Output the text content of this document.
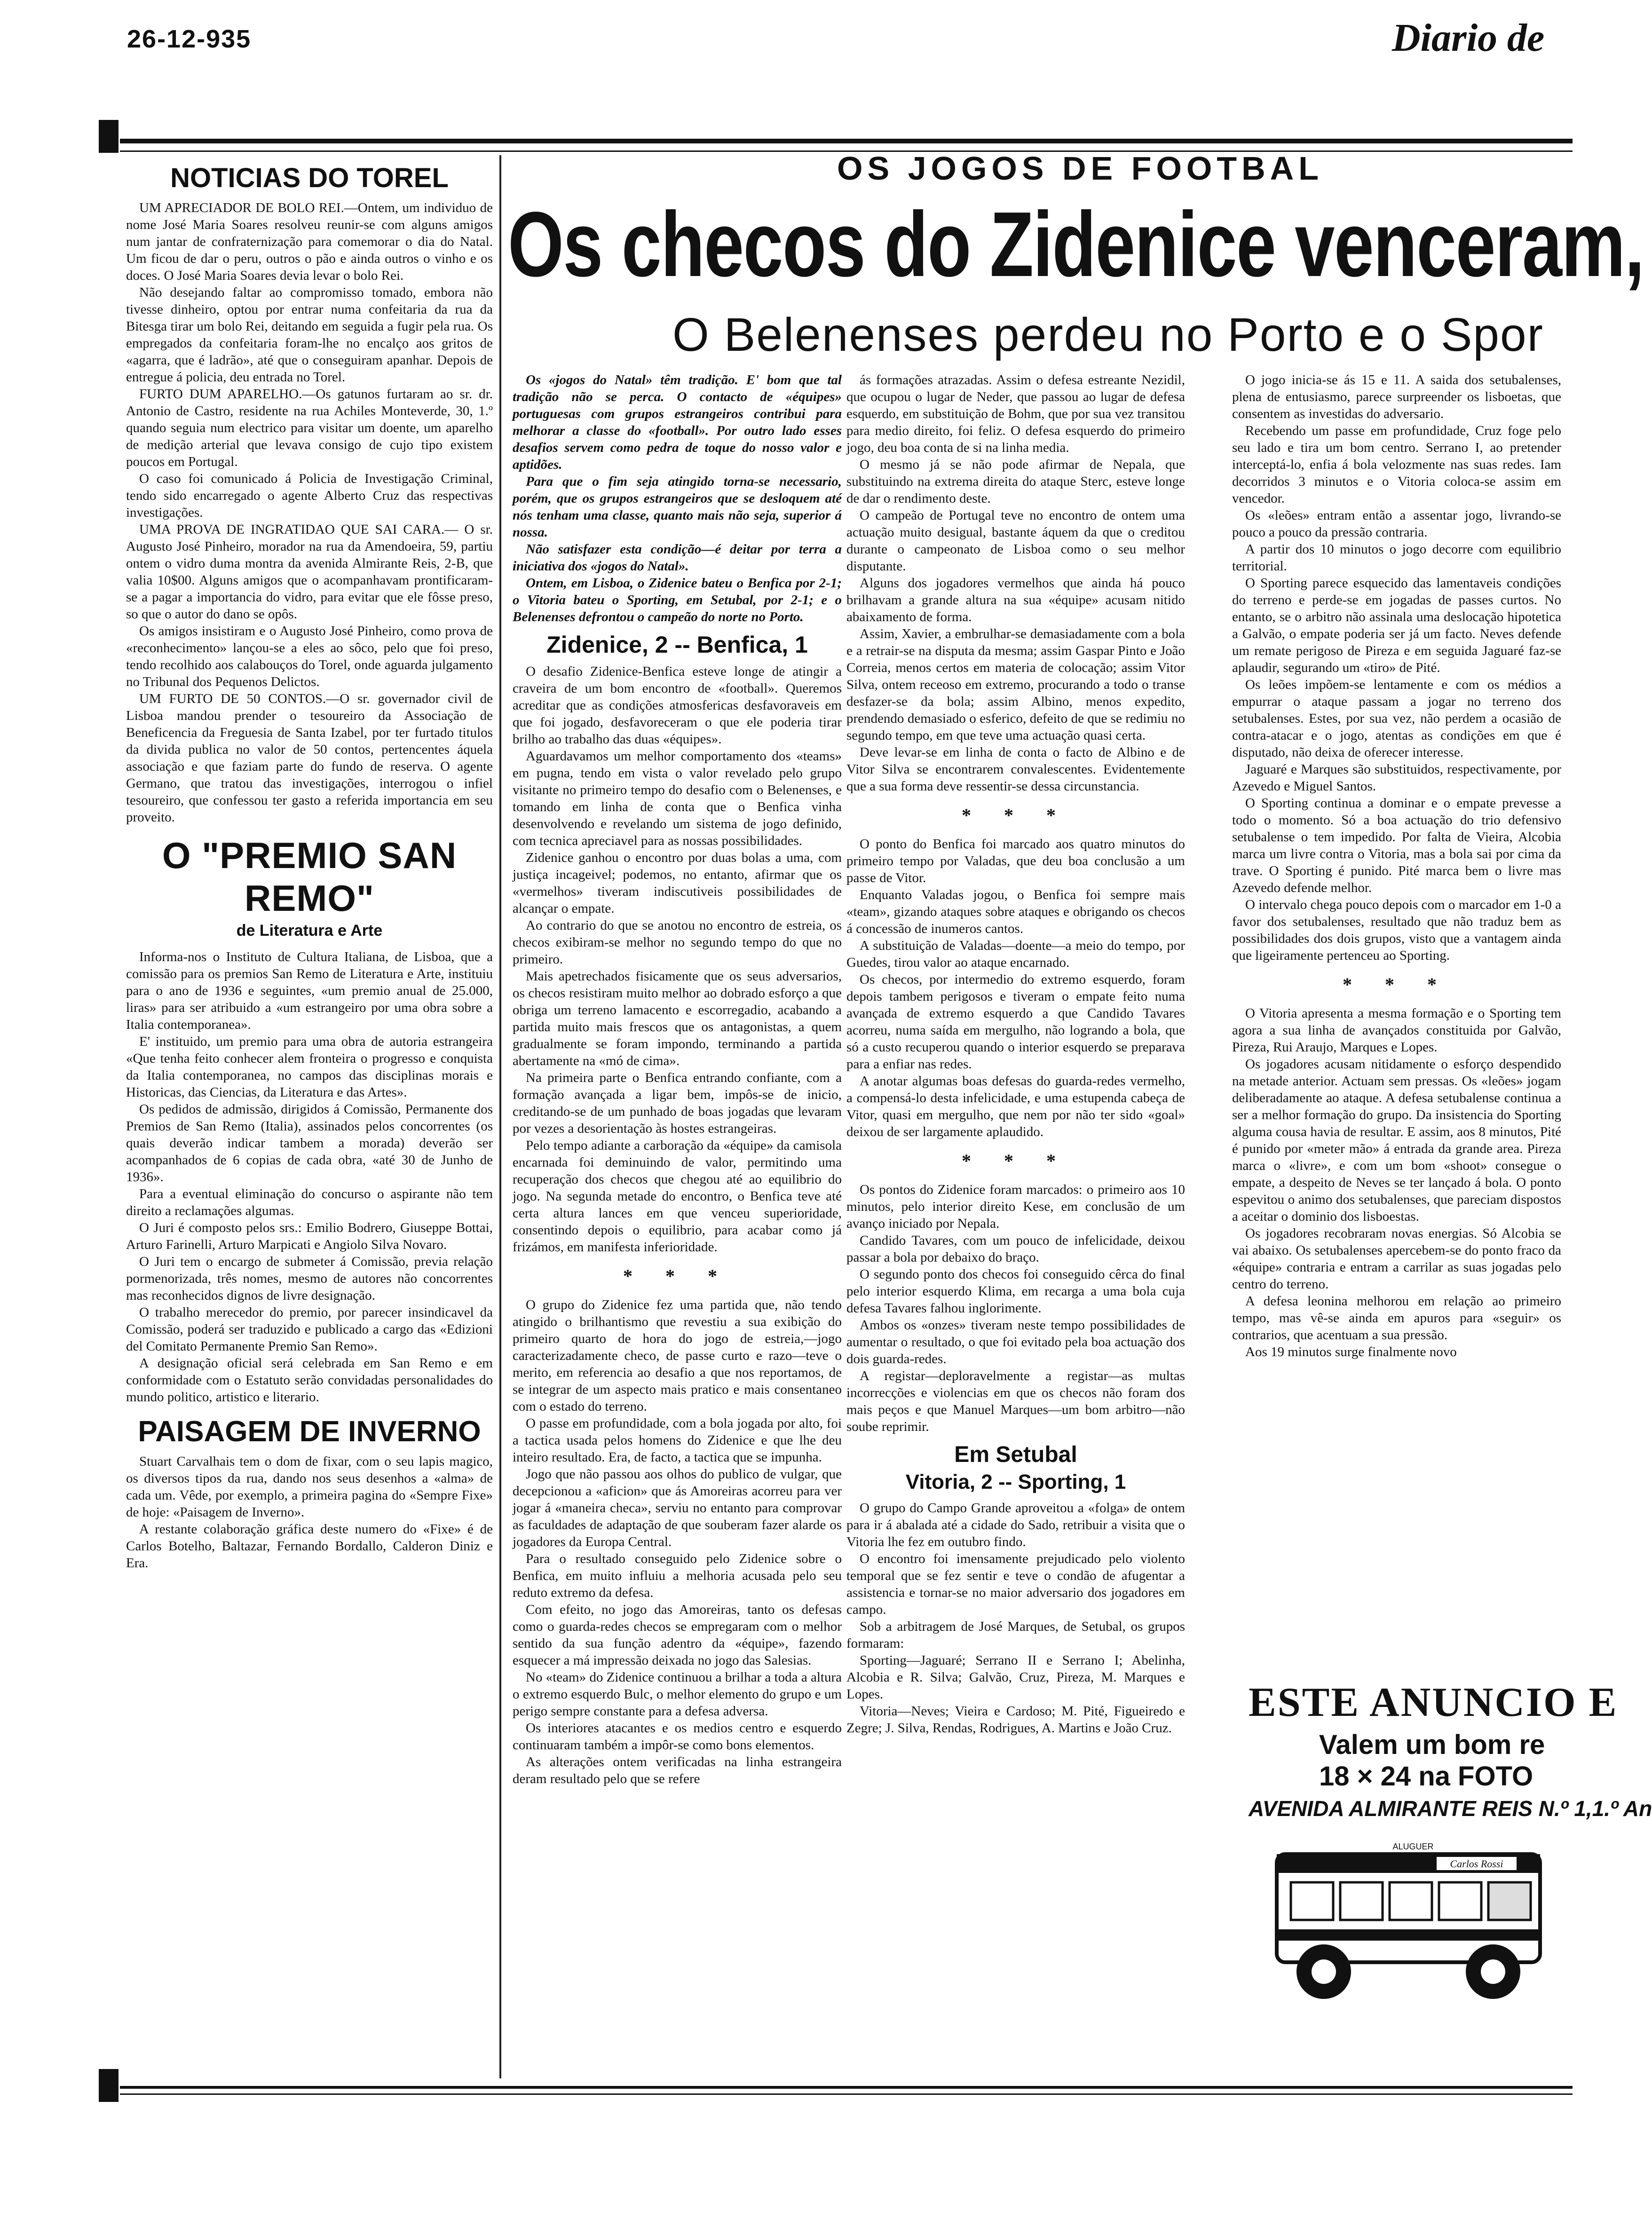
26-12-935	Diario de
NOTICIAS DO TOREL

UM APRECIADOR DE BOLO REI.—Ontem, um individuo de nome José Maria Soares resolveu reunir-se com alguns amigos num jantar de confraternização para comemorar o dia do Natal. Um ficou de dar o peru, outros o pão e ainda outros o vinho e os doces. O José Maria Soares devia levar o bolo Rei.

Não desejando faltar ao compromisso tomado, embora não tivesse dinheiro, optou por entrar numa confeitaria da rua da Bitesga tirar um bolo Rei, deitando em seguida a fugir pela rua. Os empregados da confeitaria foram-lhe no encalço aos gritos de «agarra, que é ladrão», até que o conseguiram apanhar. Depois de entregue á policia, deu entrada no Torel.

FURTO DUM APARELHO.—Os gatunos furtaram ao sr. dr. Antonio de Castro, residente na rua Achiles Monteverde, 30, 1.º quando seguia num electrico para visitar um doente, um aparelho de medição arterial que levava consigo de cujo tipo existem poucos em Portugal.

O caso foi comunicado á Policia de Investigação Criminal, tendo sido encarregado o agente Alberto Cruz das respectivas investigações.

UMA PROVA DE INGRATIDAO QUE SAI CARA.— O sr. Augusto José Pinheiro, morador na rua da Amendoeira, 59, partiu ontem o vidro duma montra da avenida Almirante Reis, 2-B, que valia 10$00. Alguns amigos que o acompanhavam prontificaram-se a pagar a importancia do vidro, para evitar que ele fôsse preso, so que o autor do dano se opôs.

Os amigos insistiram e o Augusto José Pinheiro, como prova de «reconhecimento» lançou-se a eles ao sôco, pelo que foi preso, tendo recolhido aos calabouços do Torel, onde aguarda julgamento no Tribunal dos Pequenos Delictos.

UM FURTO DE 50 CONTOS.—O sr. governador civil de Lisboa mandou prender o tesoureiro da Associação de Beneficencia da Freguesia de Santa Izabel, por ter furtado titulos da divida publica no valor de 50 contos, pertencentes áquela associação e que faziam parte do fundo de reserva. O agente Germano, que tratou das investigações, interrogou o infiel tesoureiro, que confessou ter gasto a referida importancia em seu proveito.

O "PREMIO SAN REMO"
de Literatura e Arte

Informa-nos o Instituto de Cultura Italiana, de Lisboa, que a comissão para os premios San Remo de Literatura e Arte, instituiu para o ano de 1936 e seguintes, «um premio anual de 25.000, liras» para ser atribuido a «um estrangeiro por uma obra sobre a Italia contemporanea».

E' instituido, um premio para uma obra de autoria estrangeira «Que tenha feito conhecer alem fronteira o progresso e conquista da Italia contemporanea, no campos das disciplinas morais e Historicas, das Ciencias, da Literatura e das Artes».

Os pedidos de admissão, dirigidos á Comissão, Permanente dos Premios de San Remo (Italia), assinados pelos concorrentes (os quais deverão indicar tambem a morada) deverão ser acompanhados de 6 copias de cada obra, «até 30 de Junho de 1936».

Para a eventual eliminação do concurso o aspirante não tem direito a reclamações algumas.

O Juri é composto pelos srs.: Emilio Bodrero, Giuseppe Bottai, Arturo Farinelli, Arturo Marpicati e Angiolo Silva Novaro.

O Juri tem o encargo de submeter á Comissão, previa relação pormenorizada, três nomes, mesmo de autores não concorrentes mas reconhecidos dignos de livre designação.

O trabalho merecedor do premio, por parecer insindicavel da Comissão, poderá ser traduzido e publicado a cargo das «Edizioni del Comitato Permanente Premio San Remo».

A designação oficial será celebrada em San Remo e em conformidade com o Estatuto serão convidadas personalidades do mundo politico, artistico e literario.

PAISAGEM DE INVERNO

Stuart Carvalhais tem o dom de fixar, com o seu lapis magico, os diversos tipos da rua, dando nos seus desenhos a «alma» de cada um. Vêde, por exemplo, a primeira pagina do «Sempre Fixe» de hoje: «Paisagem de Inverno».

A restante colaboração gráfica deste numero do «Fixe» é de Carlos Botelho, Baltazar, Fernando Bordallo, Calderon Diniz e Era.

OS JOGOS DE FOOTBAL
Os checos do Zidenice venceram,
O Belenenses perdeu no Porto e o Spor

Os «jogos do Natal» têm tradição. E' bom que tal tradição não se perca. O contacto de «équipes» portuguesas com grupos estrangeiros contribui para melhorar a classe do «football». Por outro lado esses desafios servem como pedra de toque do nosso valor e aptidões.

Para que o fim seja atingido torna-se necessario, porém, que os grupos estrangeiros que se desloquem até nós tenham uma classe, quanto mais não seja, superior á nossa.

Não satisfazer esta condição—é deitar por terra a iniciativa dos «jogos do Natal».

Ontem, em Lisboa, o Zidenice bateu o Benfica por 2-1; o Vitoria bateu o Sporting, em Setubal, por 2-1; e o Belenenses defrontou o campeão do norte no Porto.

Zidenice, 2 -- Benfica, 1

O desafio Zidenice-Benfica esteve longe de atingir a craveira de um bom encontro de «football». Queremos acreditar que as condições atmosfericas desfavoraveis em que foi jogado, desfavoreceram o que ele poderia tirar brilho ao trabalho das duas «équipes».

Aguardavamos um melhor comportamento dos «teams» em pugna, tendo em vista o valor revelado pelo grupo visitante no primeiro tempo do desafio com o Belenenses, e tomando em linha de conta que o Benfica vinha desenvolvendo e revelando um sistema de jogo definido, com tecnica apreciavel para as nossas possibilidades.

Zidenice ganhou o encontro por duas bolas a uma, com justiça incageivel; podemos, no entanto, afirmar que os «vermelhos» tiveram indiscutiveis possibilidades de alcançar o empate.

Ao contrario do que se anotou no encontro de estreia, os checos exibiram-se melhor no segundo tempo do que no primeiro.

Mais apetrechados fisicamente que os seus adversarios, os checos resistiram muito melhor ao dobrado esforço a que obriga um terreno lamacento e escorregadio, acabando a partida muito mais frescos que os antagonistas, a quem gradualmente se foram impondo, terminando a partida abertamente na «mó de cima».

Na primeira parte o Benfica entrando confiante, com a formação avançada a ligar bem, impôs-se de inicio, creditando-se de um punhado de boas jogadas que levaram por vezes a desorientação às hostes estrangeiras.

Pelo tempo adiante a carboração da «équipe» da camisola encarnada foi deminuindo de valor, permitindo uma recuperação dos checos que chegou até ao equilibrio do jogo. Na segunda metade do encontro, o Benfica teve até certa altura lances em que venceu superioridade, consentindo depois o equilibrio, para acabar como já frizámos, em manifesta inferioridade.

* * *

O grupo do Zidenice fez uma partida que, não tendo atingido o brilhantismo que revestiu a sua exibição do primeiro quarto de hora do jogo de estreia,—jogo caracterizadamente checo, de passe curto e razo—teve o merito, em referencia ao desafio a que nos reportamos, de se integrar de um aspecto mais pratico e mais consentaneo com o estado do terreno.

O passe em profundidade, com a bola jogada por alto, foi a tactica usada pelos homens do Zidenice e que lhe deu inteiro resultado. Era, de facto, a tactica que se impunha.

Jogo que não passou aos olhos do publico de vulgar, que decepcionou a «aficion» que ás Amoreiras acorreu para ver jogar á «maneira checa», serviu no entanto para comprovar as faculdades de adaptação de que souberam fazer alarde os jogadores da Europa Central.

Para o resultado conseguido pelo Zidenice sobre o Benfica, em muito influiu a melhoria acusada pelo seu reduto extremo da defesa.

Com efeito, no jogo das Amoreiras, tanto os defesas como o guarda-redes checos se empregaram com o melhor sentido da sua função adentro da «équipe», fazendo esquecer a má impressão deixada no jogo das Salesias.

No «team» do Zidenice continuou a brilhar a toda a altura o extremo esquerdo Bulc, o melhor elemento do grupo e um perigo sempre constante para a defesa adversa.

Os interiores atacantes e os medios centro e esquerdo continuaram também a impôr-se como bons elementos.

As alterações ontem verificadas na linha estrangeira deram resultado pelo que se refere

ás formações atrazadas. Assim o defesa estreante Nezidil, que ocupou o lugar de Neder, que passou ao lugar de defesa esquerdo, em substituição de Bohm, que por sua vez transitou para medio direito, foi feliz. O defesa esquerdo do primeiro jogo, deu boa conta de si na linha media.

O mesmo já se não pode afirmar de Nepala, que substituindo na extrema direita do ataque Sterc, esteve longe de dar o rendimento deste.

O campeão de Portugal teve no encontro de ontem uma actuação muito desigual, bastante áquem da que o creditou durante o campeonato de Lisboa como o seu melhor disputante.

Alguns dos jogadores vermelhos que ainda há pouco brilhavam a grande altura na sua «équipe» acusam nitido abaixamento de forma.

Assim, Xavier, a embrulhar-se demasiadamente com a bola e a retrair-se na disputa da mesma; assim Gaspar Pinto e João Correia, menos certos em materia de colocação; assim Vitor Silva, ontem receoso em extremo, procurando a todo o transe desfazer-se da bola; assim Albino, menos expedito, prendendo demasiado o esferico, defeito de que se redimiu no segundo tempo, em que teve uma actuação quasi certa.

Deve levar-se em linha de conta o facto de Albino e de Vitor Silva se encontrarem convalescentes. Evidentemente que a sua forma deve ressentir-se dessa circunstancia.

* * *

O ponto do Benfica foi marcado aos quatro minutos do primeiro tempo por Valadas, que deu boa conclusão a um passe de Vitor.

Enquanto Valadas jogou, o Benfica foi sempre mais «team», gizando ataques sobre ataques e obrigando os checos á concessão de inumeros cantos.

A substituição de Valadas—doente—a meio do tempo, por Guedes, tirou valor ao ataque encarnado.

Os checos, por intermedio do extremo esquerdo, foram depois tambem perigosos e tiveram o empate feito numa avançada de extremo esquerdo a que Candido Tavares acorreu, numa saída em mergulho, não logrando a bola, que só a custo recuperou quando o interior esquerdo se preparava para a enfiar nas redes.

A anotar algumas boas defesas do guarda-redes vermelho, a compensá-lo desta infelicidade, e uma estupenda cabeça de Vitor, quasi em mergulho, que nem por não ter sido «goal» deixou de ser largamente aplaudido.

* * *

Os pontos do Zidenice foram marcados: o primeiro aos 10 minutos, pelo interior direito Kese, em conclusão de um avanço iniciado por Nepala.

Candido Tavares, com um pouco de infelicidade, deixou passar a bola por debaixo do braço.

O segundo ponto dos checos foi conseguido cêrca do final pelo interior esquerdo Klima, em recarga a uma bola cuja defesa Tavares falhou inglorimente.

Ambos os «onzes» tiveram neste tempo possibilidades de aumentar o resultado, o que foi evitado pela boa actuação dos dois guarda-redes.

A registar—deploravelmente a registar—as multas incorrecções e violencias em que os checos não foram dos mais peços e que Manuel Marques—um bom arbitro—não soube reprimir.

Em Setubal
Vitoria, 2 -- Sporting, 1

O grupo do Campo Grande aproveitou a «folga» de ontem para ir á abalada até a cidade do Sado, retribuir a visita que o Vitoria lhe fez em outubro findo.

O encontro foi imensamente prejudicado pelo violento temporal que se fez sentir e teve o condão de afugentar a assistencia e tornar-se no maior adversario dos jogadores em campo.

Sob a arbitragem de José Marques, de Setubal, os grupos formaram:

Sporting—Jaguaré; Serrano II e Serrano I; Abelinha, Alcobia e R. Silva; Galvão, Cruz, Pireza, M. Marques e Lopes.

Vitoria—Neves; Vieira e Cardoso; M. Pité, Figueiredo e Zegre; J. Silva, Rendas, Rodrigues, A. Martins e João Cruz.

O jogo inicia-se ás 15 e 11. A saida dos setubalenses, plena de entusiasmo, parece surpreender os lisboetas, que consentem as investidas do adversario.

Recebendo um passe em profundidade, Cruz foge pelo seu lado e tira um bom centro. Serrano I, ao pretender interceptá-lo, enfia á bola velozmente nas suas redes. Iam decorridos 3 minutos e o Vitoria coloca-se assim em vencedor.

Os «leões» entram então a assentar jogo, livrando-se pouco a pouco da pressão contraria.

A partir dos 10 minutos o jogo decorre com equilibrio territorial.

O Sporting parece esquecido das lamentaveis condições do terreno e perde-se em jogadas de passes curtos. No entanto, se o arbitro não assinala uma deslocação hipotetica a Galvão, o empate poderia ser já um facto. Neves defende um remate perigoso de Pireza e em seguida Jaguaré faz-se aplaudir, segurando um «tiro» de Pité.

Os leões impõem-se lentamente e com os médios a empurrar o ataque passam a jogar no terreno dos setubalenses. Estes, por sua vez, não perdem a ocasião de contra-atacar e o jogo, atentas as condições em que é disputado, não deixa de oferecer interesse.

Jaguaré e Marques são substituidos, respectivamente, por Azevedo e Miguel Santos.

O Sporting continua a dominar e o empate prevesse a todo o momento. Só a boa actuação do trio defensivo setubalense o tem impedido. Por falta de Vieira, Alcobia marca um livre contra o Vitoria, mas a bola sai por cima da trave. O Sporting é punido. Pité marca bem o livre mas Azevedo defende melhor.

O intervalo chega pouco depois com o marcador em 1-0 a favor dos setubalenses, resultado que não traduz bem as possibilidades dos dois grupos, visto que a vantagem ainda que ligeiramente pertenceu ao Sporting.

* * *

O Vitoria apresenta a mesma formação e o Sporting tem agora a sua linha de avançados constituida por Galvão, Pireza, Rui Araujo, Marques e Lopes.

Os jogadores acusam nitidamente o esforço despendido na metade anterior. Actuam sem pressas. Os «leões» jogam deliberadamente ao ataque. A defesa setubalense continua a ser a melhor formação do grupo. Da insistencia do Sporting alguma cousa havia de resultar. E assim, aos 8 minutos, Pité é punido por «meter mão» á entrada da grande area. Pireza marca o «livre», e com um bom «shoot» consegue o empate, a despeito de Neves se ter lançado á bola. O ponto espevitou o animo dos setubalenses, que pareciam dispostos a aceitar o dominio dos lisboestas.

Os jogadores recobraram novas energias. Só Alcobia se vai abaixo. Os setubalenses apercebem-se do ponto fraco da «équipe» contraria e entram a carrilar as suas jogadas pelo centro do terreno.

A defesa leonina melhorou em relação ao primeiro tempo, mas vê-se ainda em apuros para «seguir» os contrarios, que acentuam a sua pressão.

Aos 19 minutos surge finalmente novo

ESTE ANUNCIO E
Valem um bom re
18 × 24 na FOTO
AVENIDA ALMIRANTE REIS N.º 1,1.º An
Carlos Rossi
ALUGUER
